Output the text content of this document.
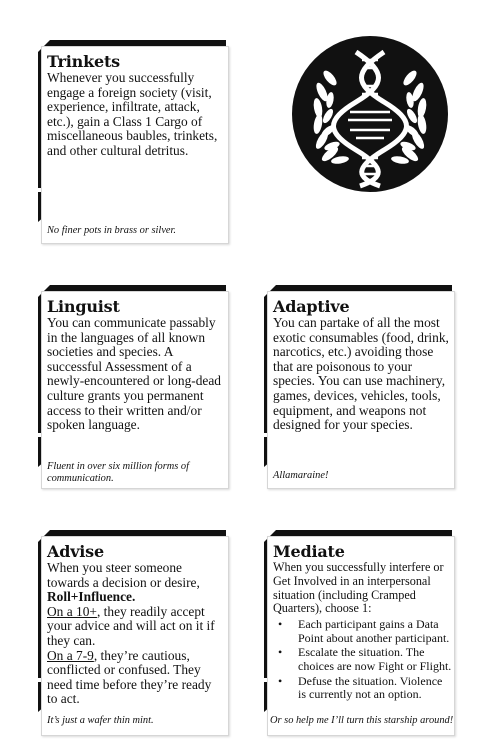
Trinkets

Whenever you successfully engage a foreign society (visit, experience, infiltrate, attack, etc.), gain a Class 1 Cargo of miscellaneous baubles, trinkets, and other cultural detritus.

No finer pots in brass or silver.
Linguist

You can communicate passably in the languages of all known societies and species. A successful Assessment of a newly-encountered or long-dead culture grants you permanent access to their written and/or spoken language.

Fluent in over six million forms of communication.
Adaptive

You can partake of all the most exotic consumables (food, drink, narcotics, etc.) avoiding those that are poisonous to your species. You can use machinery, games, devices, vehicles, tools, equipment, and weapons not designed for your species.

Allamaraine!
Advise

When you steer someone towards a decision or desire, Roll+Influence.
On a 10+, they readily accept your advice and will act on it if they can.
On a 7-9, they’re cautious, conflicted or confused. They need time before they’re ready to act.

It’s just a wafer thin mint.
Mediate

When you successfully interfere or Get Involved in an interpersonal situation (including Cramped Quarters), choose 1:

• Each participant gains a Data Point about another participant.
• Escalate the situation. The choices are now Fight or Flight.
• Defuse the situation. Violence is currently not an option.
Or so help me I’ll turn this starship around!
